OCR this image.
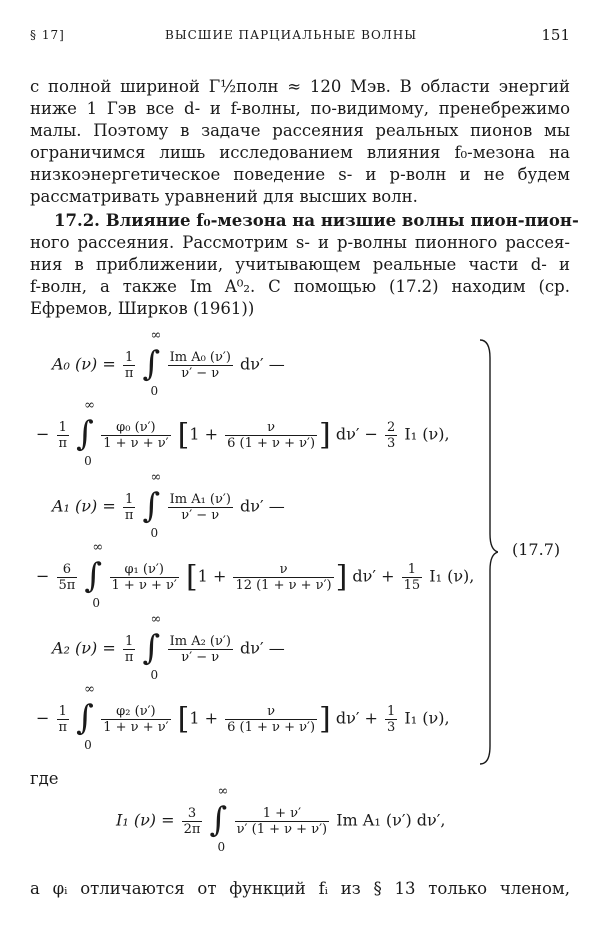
§ 17]	ВЫСШИЕ ПАРЦИАЛЬНЫЕ ВОЛНЫ	151
с полной шириной Γ½полн ≈ 120 Мэв. В области энергий
ниже 1 Гэв все d- и f-волны, по-видимому, пренебрежимо
малы. Поэтому в задаче рассеяния реальных пионов мы
ограничимся лишь исследованием влияния f₀-мезона на
низкоэнергетическое поведение s- и p-волн и не будем
рассматривать уравнений для высших волн.
17.2. Влияние f₀-мезона на низшие волны пион-пион-
ного рассеяния. Рассмотрим s- и p-волны пионного рассея-
ния в приближении, учитывающем реальные части d- и
f-волн, а также Im A⁰₂. С помощью (17.2) находим (ср.
Ефремов, Ширков (1961))
A₀ $(\nu) = \frac{1}{\pi}$
∫
∞
0

$\frac{\text{Im A₀ (ν′)}}{\nu' - \nu} d\nu'$ —
− $\frac{1}{\pi}$
∫
∞
0

$\frac{\text{φ₀ (ν′)}}{1 + \nu + \nu'} [1 + \frac{\nu}{6 (1 + \nu + \nu')}$ ] $d\nu' - \frac{2}{3} I_1$ (ν),
A₁ $(\nu) = \frac{1}{\pi}$
∫
∞
0

$\frac{\text{Im A₁ (ν′)}}{\nu' - \nu} d\nu'$ —
− $\frac{6}{5\pi}$
∫
∞
0

$\frac{\text{φ₁ (ν′)}}{1 + \nu + \nu'} [1 + \frac{\nu}{12 (1 + \nu + \nu')}$ ] $d\nu' + \frac{1}{15} I_1$ (ν),
A₂ $(\nu) = \frac{1}{\pi}$
∫
∞
0

$\frac{\text{Im A₂ (ν′)}}{\nu' - \nu} d\nu'$ —
− $\frac{1}{\pi}$
∫
∞
0

$\frac{\text{φ₂ (ν′)}}{1 + \nu + \nu'} [1 + \frac{\nu}{6 (1 + \nu + \nu')}$ ] $d\nu' + \frac{1}{3} I_1$ (ν),
(17.7)
где
I₁ $(\nu) = \frac{3}{2\pi}$
∫
∞
0

$\frac{1 + \nu'}{\nu' (1 + \nu + \nu')}$ Im A₁ (ν′) dν′,
а φᵢ отличаются от функций fᵢ из § 13 только членом,
